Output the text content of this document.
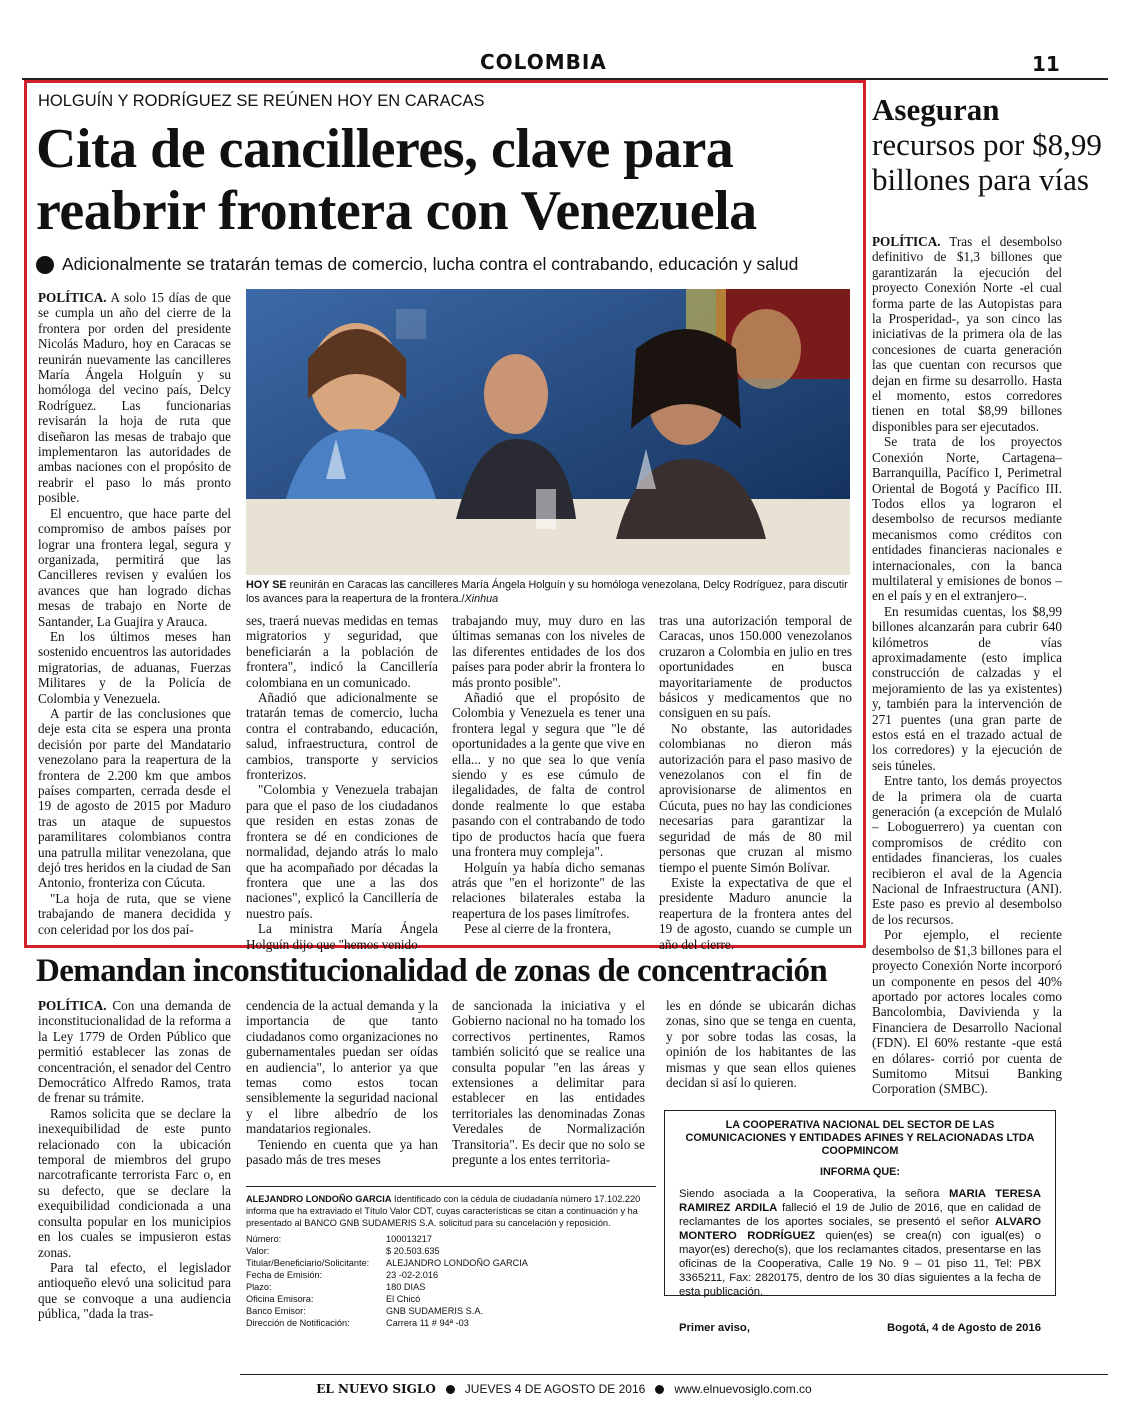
COLOMBIA	11
HOLGUÍN Y RODRÍGUEZ SE REÚNEN HOY EN CARACAS
Cita de cancilleres, clave para reabrir frontera con Venezuela
Adicionalmente se tratarán temas de comercio, lucha contra el contrabando, educación y salud

POLÍTICA. A solo 15 días de que se cumpla un año del cierre de la frontera por orden del presidente Nicolás Maduro, hoy en Caracas se reunirán nuevamente las cancilleres María Ángela Holguín y su homóloga del vecino país, Delcy Rodríguez. Las funcionarias revisarán la hoja de ruta que diseñaron las mesas de trabajo que implementaron las autoridades de ambas naciones con el propósito de reabrir el paso lo más pronto posible.

El encuentro, que hace parte del compromiso de ambos países por lograr una frontera legal, segura y organizada, permitirá que las Cancilleres revisen y evalúen los avances que han logrado dichas mesas de trabajo en Norte de Santander, La Guajira y Arauca.

En los últimos meses han sostenido encuentros las autoridades migratorias, de aduanas, Fuerzas Militares y de la Policía de Colombia y Venezuela.

A partir de las conclusiones que deje esta cita se espera una pronta decisión por parte del Mandatario venezolano para la reapertura de la frontera de 2.200 km que ambos países comparten, cerrada desde el 19 de agosto de 2015 por Maduro tras un ataque de supuestos paramilitares colombianos contra una patrulla militar venezolana, que dejó tres heridos en la ciudad de San Antonio, fronteriza con Cúcuta.

"La hoja de ruta, que se viene trabajando de manera decidida y con celeridad por los dos paí-

HOY SE reunirán en Caracas las cancilleres María Ángela Holguín y su homóloga venezolana, Delcy Rodríguez, para discutir los avances para la reapertura de la frontera./Xinhua

ses, traerá nuevas medidas en temas migratorios y seguridad, que beneficiarán a la población de frontera", indicó la Cancillería colombiana en un comunicado.

Añadió que adicionalmente se tratarán temas de comercio, lucha contra el contrabando, educación, salud, infraestructura, control de cambios, transporte y servicios fronterizos.

"Colombia y Venezuela trabajan para que el paso de los ciudadanos que residen en estas zonas de frontera se dé en condiciones de normalidad, dejando atrás lo malo que ha acompañado por décadas la frontera que une a las dos naciones", explicó la Cancillería de nuestro país.

La ministra María Ángela Holguín dijo que "hemos venido

trabajando muy, muy duro en las últimas semanas con los niveles de las diferentes entidades de los dos países para poder abrir la frontera lo más pronto posible".

Añadió que el propósito de Colombia y Venezuela es tener una frontera legal y segura que "le dé oportunidades a la gente que vive en ella... y no que sea lo que venía siendo y es ese cúmulo de ilegalidades, de falta de control donde realmente lo que estaba pasando con el contrabando de todo tipo de productos hacía que fuera una frontera muy compleja".

Holguín ya había dicho semanas atrás que "en el horizonte" de las relaciones bilaterales estaba la reapertura de los pases limítrofes.

Pese al cierre de la frontera,

tras una autorización temporal de Caracas, unos 150.000 venezolanos cruzaron a Colombia en julio en tres oportunidades en busca mayoritariamente de productos básicos y medicamentos que no consiguen en su país.

No obstante, las autoridades colombianas no dieron más autorización para el paso masivo de venezolanos con el fin de aprovisionarse de alimentos en Cúcuta, pues no hay las condiciones necesarias para garantizar la seguridad de más de 80 mil personas que cruzan al mismo tiempo el puente Simón Bolívar.

Existe la expectativa de que el presidente Maduro anuncie la reapertura de la frontera antes del 19 de agosto, cuando se cumple un año del cierre.

Aseguran
recursos por $8,99 billones para vías

POLÍTICA. Tras el desembolso definitivo de $1,3 billones que garantizarán la ejecución del proyecto Conexión Norte -el cual forma parte de las Autopistas para la Prosperidad-, ya son cinco las iniciativas de la primera ola de las concesiones de cuarta generación las que cuentan con recursos que dejan en firme su desarrollo. Hasta el momento, estos corredores tienen en total $8,99 billones disponibles para ser ejecutados.

Se trata de los proyectos Conexión Norte, Cartagena–Barranquilla, Pacífico I, Perimetral Oriental de Bogotá y Pacífico III. Todos ellos ya lograron el desembolso de recursos mediante mecanismos como créditos con entidades financieras nacionales e internacionales, con la banca multilateral y emisiones de bonos –en el país y en el extranjero–.

En resumidas cuentas, los $8,99 billones alcanzarán para cubrir 640 kilómetros de vías aproximadamente (esto implica construcción de calzadas y el mejoramiento de las ya existentes) y, también para la intervención de 271 puentes (una gran parte de estos está en el trazado actual de los corredores) y la ejecución de seis túneles.

Entre tanto, los demás proyectos de la primera ola de cuarta generación (a excepción de Mulaló – Loboguerrero) ya cuentan con compromisos de crédito con entidades financieras, los cuales recibieron el aval de la Agencia Nacional de Infraestructura (ANI). Este paso es previo al desembolso de los recursos.

Por ejemplo, el reciente desembolso de $1,3 billones para el proyecto Conexión Norte incorporó un componente en pesos del 40% aportado por actores locales como Bancolombia, Davivienda y la Financiera de Desarrollo Nacional (FDN). El 60% restante -que está en dólares- corrió por cuenta de Sumitomo Mitsui Banking Corporation (SMBC).

Demandan inconstitucionalidad de zonas de concentración

POLÍTICA. Con una demanda de inconstitucionalidad de la reforma a la Ley 1779 de Orden Público que permitió establecer las zonas de concentración, el senador del Centro Democrático Alfredo Ramos, trata de frenar su trámite.

Ramos solicita que se declare la inexequibilidad de este punto relacionado con la ubicación temporal de miembros del grupo narcotraficante terrorista Farc o, en su defecto, que se declare la exequibilidad condicionada a una consulta popular en los municipios en los cuales se impusieron estas zonas.

Para tal efecto, el legislador antioqueño elevó una solicitud para que se convoque a una audiencia pública, "dada la tras-

cendencia de la actual demanda y la importancia de que tanto ciudadanos como organizaciones no gubernamentales puedan ser oídas en audiencia", lo anterior ya que temas como estos tocan sensiblemente la seguridad nacional y el libre albedrío de los mandatarios regionales.

Teniendo en cuenta que ya han pasado más de tres meses

de sancionada la iniciativa y el Gobierno nacional no ha tomado los correctivos pertinentes, Ramos también solicitó que se realice una consulta popular "en las áreas y extensiones a delimitar para establecer en las entidades territoriales las denominadas Zonas Veredales de Normalización Transitoria". Es decir que no solo se pregunte a los entes territoria-

les en dónde se ubicarán dichas zonas, sino que se tenga en cuenta, y por sobre todas las cosas, la opinión de los habitantes de las mismas y que sean ellos quienes decidan si así lo quieren.

ALEJANDRO LONDOÑO GARCIA Identificado con la cédula de ciudadanía número 17.102.220 informa que ha extraviado el Título Valor CDT, cuyas características se citan a continuación y ha presentado al BANCO GNB SUDAMERIS S.A. solicitud para su cancelación y reposición.
Número:	100013217
Valor:	$ 20.503.635
Titular/Beneficiario/Solicitante:	ALEJANDRO LONDOÑO GARCIA
Fecha de Emisión:	23 -02-2.016
Plazo:	180 DIAS
Oficina Emisora:	El Chicó
Banco Emisor:	GNB SUDAMERIS S.A.
Dirección de Notificación:	Carrera 11 # 94ª -03
LA COOPERATIVA NACIONAL DEL SECTOR DE LAS COMUNICACIONES Y ENTIDADES AFINES Y RELACIONADAS LTDA COOPMINCOM
INFORMA QUE:
Siendo asociada a la Cooperativa, la señora MARIA TERESA RAMIREZ ARDILA falleció el 19 de Julio de 2016, que en calidad de reclamantes de los aportes sociales, se presentó el señor ALVARO MONTERO RODRÍGUEZ quien(es) se crea(n) con igual(es) o mayor(es) derecho(s), que los reclamantes citados, presentarse en las oficinas de la Cooperativa, Calle 19 No. 9 – 01 piso 11, Tel: PBX 3365211, Fax: 2820175, dentro de los 30 días siguientes a la fecha de esta publicación.
Primer aviso,	Bogotá, 4 de Agosto de 2016
EL NUEVO SIGLO JUEVES 4 DE AGOSTO DE 2016 www.elnuevosiglo.com.co
